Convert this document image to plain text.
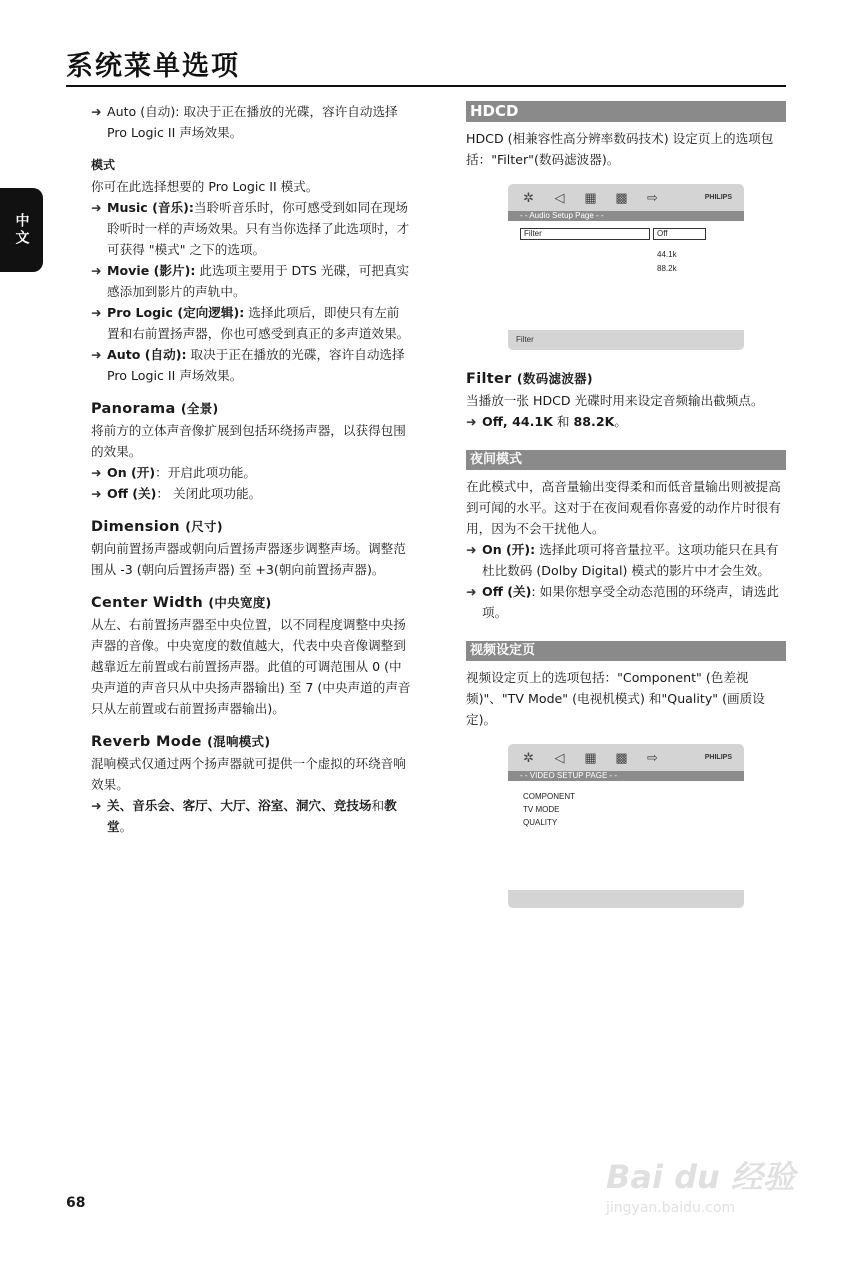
系统菜单选项
中文
➜ Auto (自动): 取决于正在播放的光碟，容许自动选择 Pro Logic II 声场效果。
模式
你可在此选择想要的 Pro Logic II 模式。
➜ Music (音乐):当聆听音乐时，你可感受到如同在现场聆听时一样的声场效果。只有当你选择了此选项时，才可获得 "模式" 之下的选项。
➜ Movie (影片): 此选项主要用于 DTS 光碟，可把真实感添加到影片的声轨中。
➜ Pro Logic (定向逻辑): 选择此项后，即使只有左前置和右前置扬声器，你也可感受到真正的多声道效果。
➜ Auto (自动): 取决于正在播放的光碟，容许自动选择 Pro Logic II 声场效果。
Panorama (全景)
将前方的立体声音像扩展到包括环绕扬声器，以获得包围的效果。
➜ On (开)：开启此项功能。
➜ Off (关)： 关闭此项功能。
Dimension (尺寸)
朝向前置扬声器或朝向后置扬声器逐步调整声场。调整范围从 -3 (朝向后置扬声器) 至 +3(朝向前置扬声器)。
Center Width (中央宽度)
从左、右前置扬声器至中央位置，以不同程度调整中央扬声器的音像。中央宽度的数值越大，代表中央音像调整到越靠近左前置或右前置扬声器。此值的可调范围从 0 (中央声道的声音只从中央扬声器输出) 至 7 (中央声道的声音只从左前置或右前置扬声器输出)。
Reverb Mode (混响模式)
混响模式仅通过两个扬声器就可提供一个虚拟的环绕音响效果。
➜ 关、音乐会、客厅、大厅、浴室、洞穴、竞技场和教堂。
HDCD
HDCD (相兼容性高分辨率数码技术) 设定页上的选项包括："Filter"(数码滤波器)。
✲ ◁ ▦ ▩ ⇨	PHILIPS
- - Audio Setup Page - -
Filter	Off
44.1k
88.2k
Filter
Filter (数码滤波器)
当播放一张 HDCD 光碟时用来设定音频输出截频点。
➜ Off, 44.1K 和 88.2K。
夜间模式
在此模式中，高音量输出变得柔和而低音量输出则被提高到可闻的水平。这对于在夜间观看你喜爱的动作片时很有用，因为不会干扰他人。
➜ On (开): 选择此项可将音量拉平。这项功能只在具有杜比数码 (Dolby Digital) 模式的影片中才会生效。
➜ Off (关): 如果你想享受全动态范围的环绕声，请选此项。
视频设定页
视频设定页上的选项包括："Component" (色差视频)"、"TV Mode" (电视机模式) 和"Quality" (画质设定)。
✲ ◁ ▦ ▩ ⇨	PHILIPS
- - VIDEO SETUP PAGE - -
COMPONENT
TV MODE
QUALITY
68
Bai du 经验
jingyan.baidu.com
